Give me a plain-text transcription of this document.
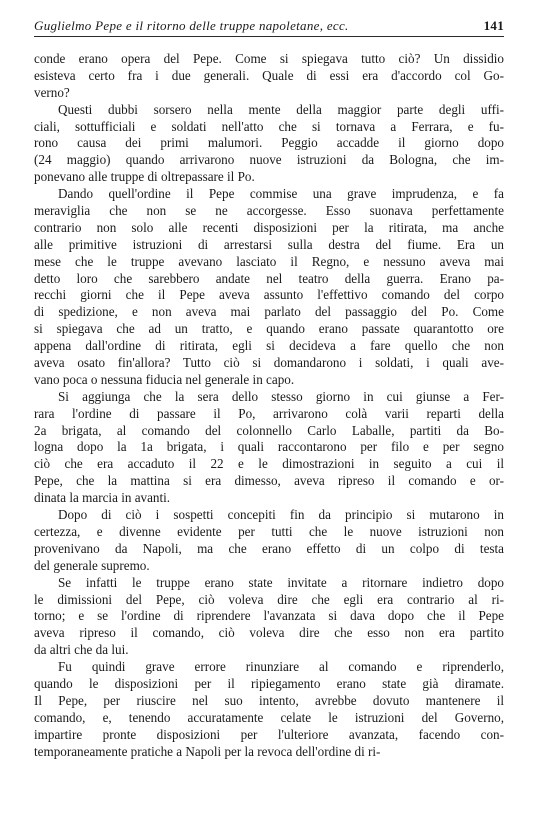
Guglielmo Pepe e il ritorno delle truppe napoletane, ecc.	141
conde erano opera del Pepe. Come si spiegava tutto ciò? Un dissidio
esisteva certo fra i due generali. Quale di essi era d'accordo col Go-
verno?
Questi dubbi sorsero nella mente della maggior parte degli uffi-
ciali, sottufficiali e soldati nell'atto che si tornava a Ferrara, e fu-
rono causa dei primi malumori. Peggio accadde il giorno dopo
(24 maggio) quando arrivarono nuove istruzioni da Bologna, che im-
ponevano alle truppe di oltrepassare il Po.
Dando quell'ordine il Pepe commise una grave imprudenza, e fa
meraviglia che non se ne accorgesse. Esso suonava perfettamente
contrario non solo alle recenti disposizioni per la ritirata, ma anche
alle primitive istruzioni di arrestarsi sulla destra del fiume. Era un
mese che le truppe avevano lasciato il Regno, e nessuno aveva mai
detto loro che sarebbero andate nel teatro della guerra. Erano pa-
recchi giorni che il Pepe aveva assunto l'effettivo comando del corpo
di spedizione, e non aveva mai parlato del passaggio del Po. Come
si spiegava che ad un tratto, e quando erano passate quarantotto ore
appena dall'ordine di ritirata, egli si decideva a fare quello che non
aveva osato fin'allora? Tutto ciò si domandarono i soldati, i quali ave-
vano poca o nessuna fiducia nel generale in capo.
Si aggiunga che la sera dello stesso giorno in cui giunse a Fer-
rara l'ordine di passare il Po, arrivarono colà varii reparti della
2a brigata, al comando del colonnello Carlo Laballe, partiti da Bo-
logna dopo la 1a brigata, i quali raccontarono per filo e per segno
ciò che era accaduto il 22 e le dimostrazioni in seguito a cui il
Pepe, che la mattina si era dimesso, aveva ripreso il comando e or-
dinata la marcia in avanti.
Dopo di ciò i sospetti concepiti fin da principio si mutarono in
certezza, e divenne evidente per tutti che le nuove istruzioni non
provenivano da Napoli, ma che erano effetto di un colpo di testa
del generale supremo.
Se infatti le truppe erano state invitate a ritornare indietro dopo
le dimissioni del Pepe, ciò voleva dire che egli era contrario al ri-
torno; e se l'ordine di riprendere l'avanzata si dava dopo che il Pepe
aveva ripreso il comando, ciò voleva dire che esso non era partito
da altri che da lui.
Fu quindi grave errore rinunziare al comando e riprenderlo,
quando le disposizioni per il ripiegamento erano state già diramate.
Il Pepe, per riuscire nel suo intento, avrebbe dovuto mantenere il
comando, e, tenendo accuratamente celate le istruzioni del Governo,
impartire pronte disposizioni per l'ulteriore avanzata, facendo con-
temporaneamente pratiche a Napoli per la revoca dell'ordine di ri-
